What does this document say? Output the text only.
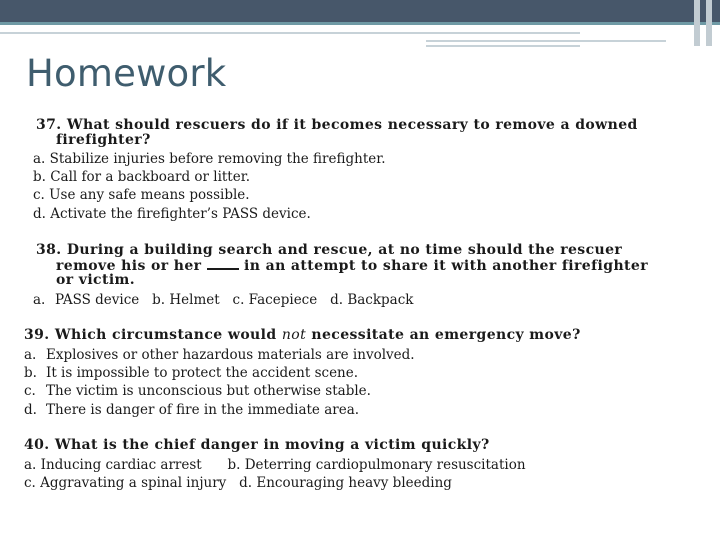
Homework
37. What should rescuers do if it becomes necessary to remove a downed
firefighter?
a. Stabilize injuries before removing the firefighter.
b. Call for a backboard or litter.
c. Use any safe means possible.
d. Activate the firefighter’s PASS device.
38. During a building search and rescue, at no time should the rescuer
remove his or her	in an attempt to share it with another firefighter
or victim.
a. PASS device   b. Helmet   c. Facepiece   d. Backpack
39. Which circumstance would not necessitate an emergency move?
a. Explosives or other hazardous materials are involved.
b. It is impossible to protect the accident scene.
c. The victim is unconscious but otherwise stable.
d. There is danger of fire in the immediate area.
40. What is the chief danger in moving a victim quickly?
a. Inducing cardiac arrest      b. Deterring cardiopulmonary resuscitation
c. Aggravating a spinal injury   d. Encouraging heavy bleeding
